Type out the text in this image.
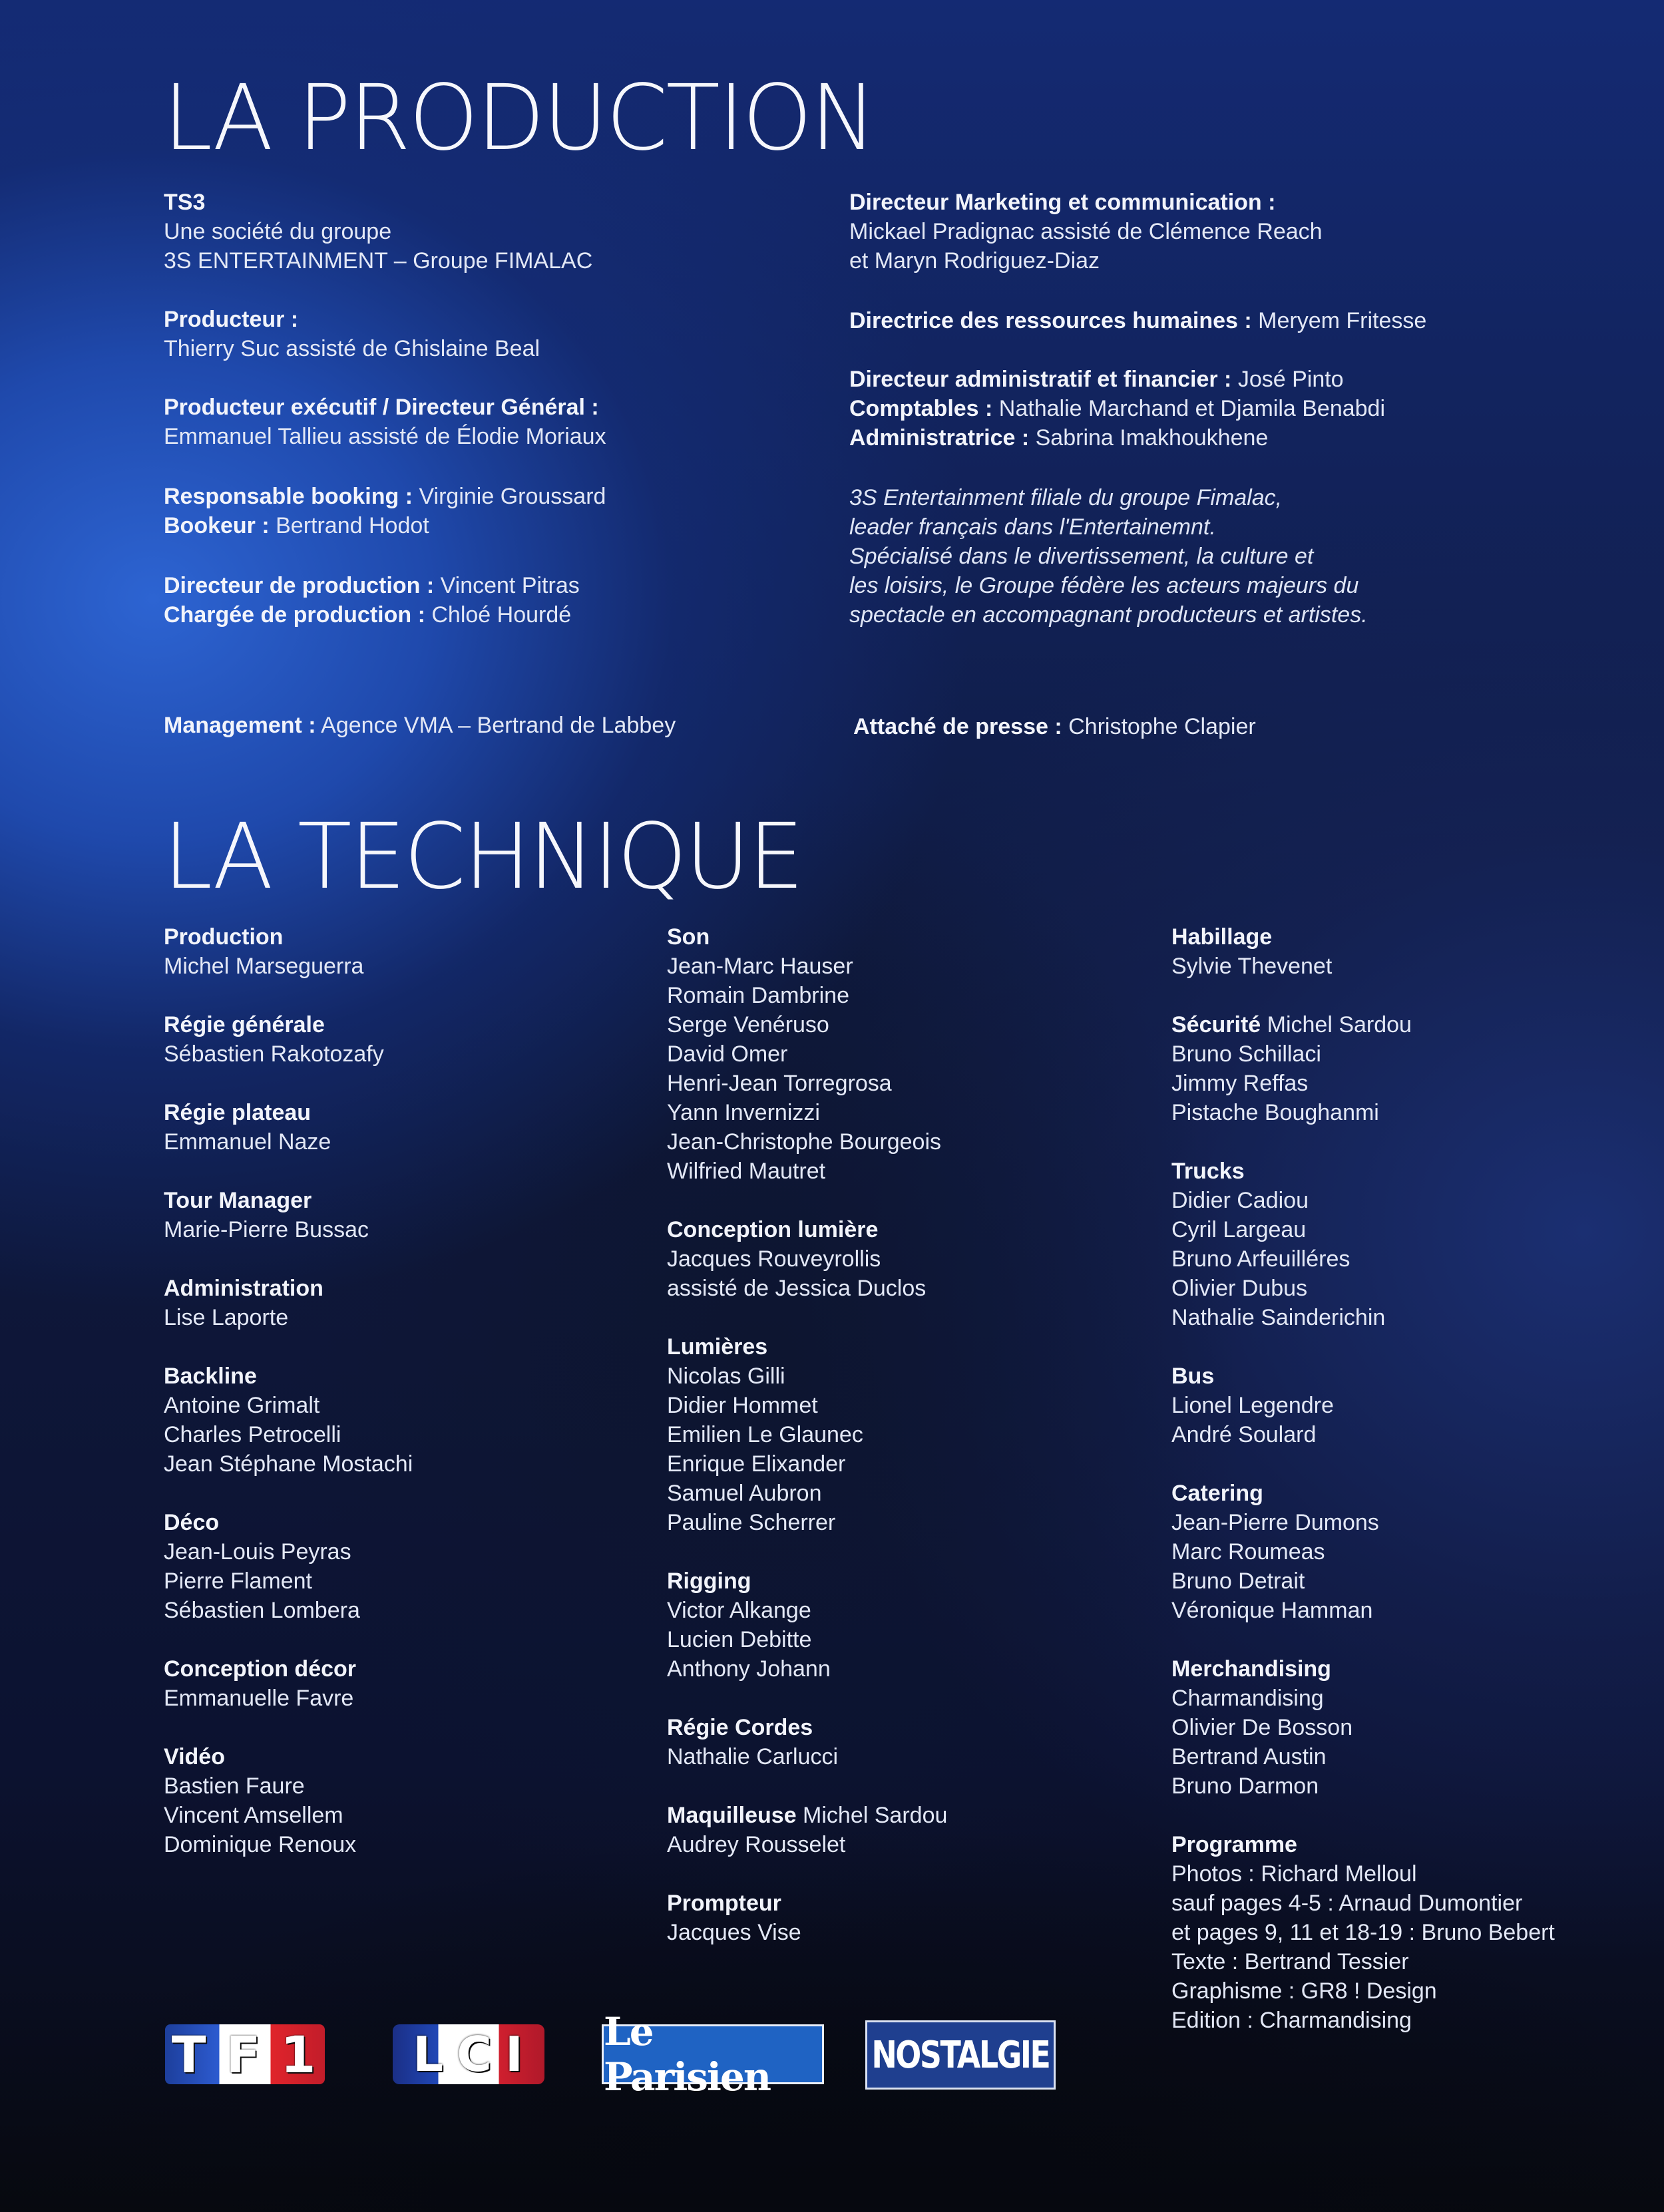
LA PRODUCTION
TS3
Une société du groupe
3S ENTERTAINMENT – Groupe FIMALAC
Producteur :
Thierry Suc assisté de Ghislaine Beal
Producteur exécutif / Directeur Général :
Emmanuel Tallieu assisté de Élodie Moriaux
Responsable booking : Virginie Groussard
Bookeur : Bertrand Hodot
Directeur de production : Vincent Pitras
Chargée de production : Chloé Hourdé
Management : Agence VMA – Bertrand de Labbey
Directeur Marketing et communication :
Mickael Pradignac assisté de Clémence Reach
et Maryn Rodriguez-Diaz
Directrice des ressources humaines : Meryem Fritesse
Directeur administratif et financier : José Pinto
Comptables : Nathalie Marchand et Djamila Benabdi
Administratrice : Sabrina Imakhoukhene
3S Entertainment filiale du groupe Fimalac,
leader français dans l'Entertainemnt.
Spécialisé dans le divertissement, la culture et
les loisirs, le Groupe fédère les acteurs majeurs du
spectacle en accompagnant producteurs et artistes.
Attaché de presse : Christophe Clapier
LA TECHNIQUE
Production
Michel Marseguerra
Régie générale
Sébastien Rakotozafy
Régie plateau
Emmanuel Naze
Tour Manager
Marie-Pierre Bussac
Administration
Lise Laporte
Backline
Antoine Grimalt
Charles Petrocelli
Jean Stéphane Mostachi
Déco
Jean-Louis Peyras
Pierre Flament
Sébastien Lombera
Conception décor
Emmanuelle Favre
Vidéo
Bastien Faure
Vincent Amsellem
Dominique Renoux
Son
Jean-Marc Hauser
Romain Dambrine
Serge Venéruso
David Omer
Henri-Jean Torregrosa
Yann Invernizzi
Jean-Christophe Bourgeois
Wilfried Mautret
Conception lumière
Jacques Rouveyrollis
assisté de Jessica Duclos
Lumières
Nicolas Gilli
Didier Hommet
Emilien Le Glaunec
Enrique Elixander
Samuel Aubron
Pauline Scherrer
Rigging
Victor Alkange
Lucien Debitte
Anthony Johann
Régie Cordes
Nathalie Carlucci
Maquilleuse Michel Sardou
Audrey Rousselet
Prompteur
Jacques Vise
Habillage
Sylvie Thevenet
Sécurité Michel Sardou
Bruno Schillaci
Jimmy Reffas
Pistache Boughanmi
Trucks
Didier Cadiou
Cyril Largeau
Bruno Arfeuilléres
Olivier Dubus
Nathalie Sainderichin
Bus
Lionel Legendre
André Soulard
Catering
Jean-Pierre Dumons
Marc Roumeas
Bruno Detrait
Véronique Hamman
Merchandising
Charmandising
Olivier De Bosson
Bertrand Austin
Bruno Darmon
Programme
Photos : Richard Melloul
sauf pages 4-5 : Arnaud Dumontier
et pages 9, 11 et 18-19 : Bruno Bebert
Texte : Bertrand Tessier
Graphisme : GR8 ! Design
Edition : Charmandising
TF1 LCI Le Parisien	NOSTALGIE
